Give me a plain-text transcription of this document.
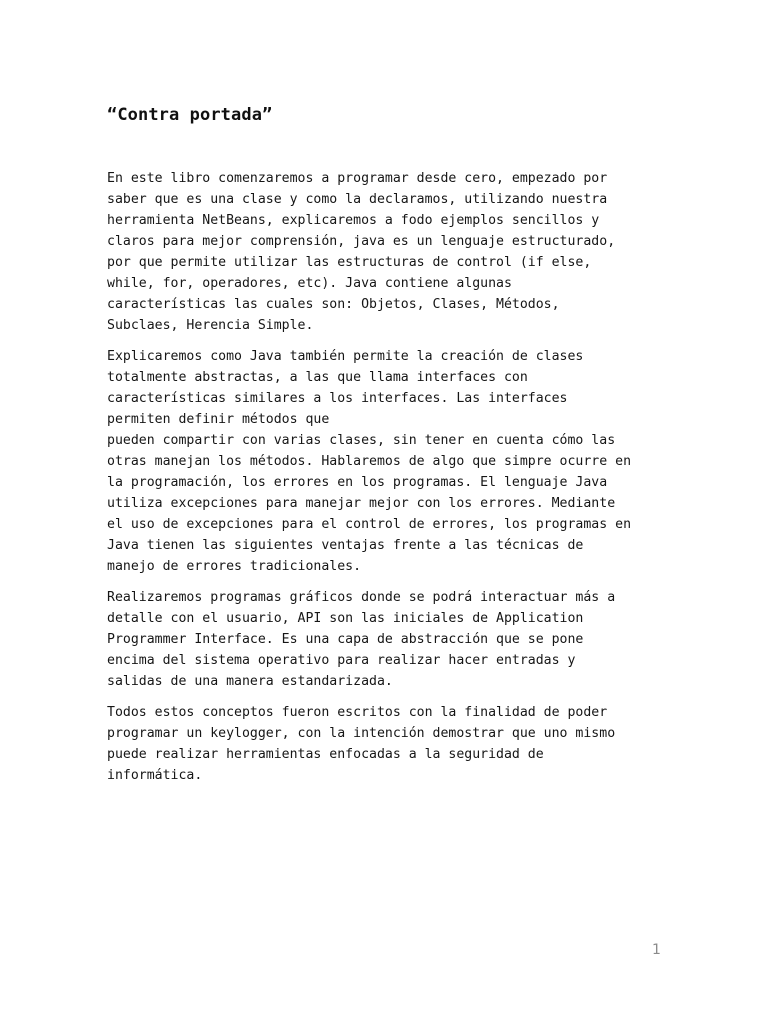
“Contra portada”

En este libro comenzaremos a programar desde cero, empezado por
saber que es una clase y como la declaramos, utilizando nuestra
herramienta NetBeans, explicaremos a fodo ejemplos sencillos y
claros para mejor comprensión, java es un lenguaje estructurado,
por que permite utilizar las estructuras de control (if else,
while, for, operadores, etc). Java contiene algunas
características las cuales son: Objetos, Clases, Métodos,
Subclaes, Herencia Simple.

Explicaremos como Java también permite la creación de clases
totalmente abstractas, a las que llama interfaces con
características similares a los interfaces. Las interfaces
permiten definir métodos que
pueden compartir con varias clases, sin tener en cuenta cómo las
otras manejan los métodos. Hablaremos de algo que simpre ocurre en
la programación, los errores en los programas. El lenguaje Java
utiliza excepciones para manejar mejor con los errores. Mediante
el uso de excepciones para el control de errores, los programas en
Java tienen las siguientes ventajas frente a las técnicas de
manejo de errores tradicionales.

Realizaremos programas gráficos donde se podrá interactuar más a
detalle con el usuario, API son las iniciales de Application
Programmer Interface. Es una capa de abstracción que se pone
encima del sistema operativo para realizar hacer entradas y
salidas de una manera estandarizada.

Todos estos conceptos fueron escritos con la finalidad de poder
programar un keylogger, con la intención demostrar que uno mismo
puede realizar herramientas enfocadas a la seguridad de
informática.

1
